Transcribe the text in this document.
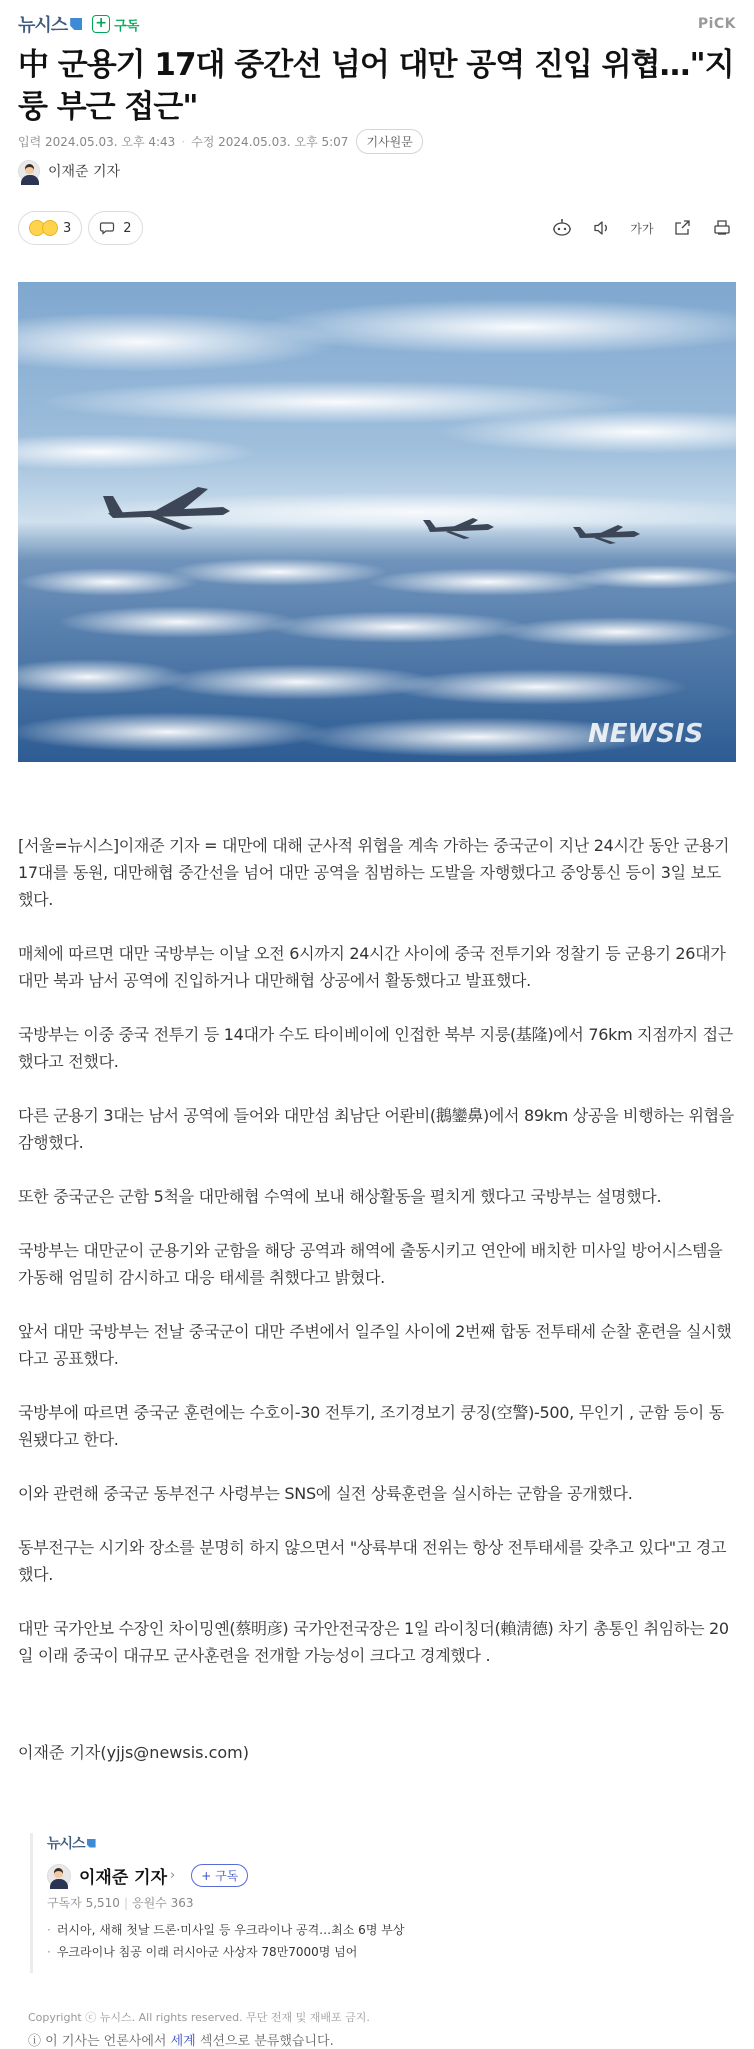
뉴시스 + 구독	PiCK
中 군용기 17대 중간선 넘어 대만 공역 진입 위협…"지룽 부근 접근"
입력
2024.05.03. 오후 4:43 · 수정
2024.05.03. 오후 5:07	기사원문
이재준 기자
3	2	가가
NEWSIS

[서울=뉴시스]이재준 기자 = 대만에 대해 군사적 위협을 계속 가하는 중국군이 지난 24시간 동안 군용기 17대를 동원, 대만해협 중간선을 넘어 대만 공역을 침범하는 도발을 자행했다고 중앙통신 등이 3일 보도했다.

매체에 따르면 대만 국방부는 이날 오전 6시까지 24시간 사이에 중국 전투기와 정찰기 등 군용기 26대가 대만 북과 남서 공역에 진입하거나 대만해협 상공에서 활동했다고 발표했다.

국방부는 이중 중국 전투기 등 14대가 수도 타이베이에 인접한 북부 지룽(基隆)에서 76km 지점까지 접근했다고 전했다.

다른 군용기 3대는 남서 공역에 들어와 대만섬 최남단 어롼비(鵝鑾鼻)에서 89km 상공을 비행하는 위협을 감행했다.

또한 중국군은 군함 5척을 대만해협 수역에 보내 해상활동을 펼치게 했다고 국방부는 설명했다.

국방부는 대만군이 군용기와 군함을 해당 공역과 해역에 출동시키고 연안에 배치한 미사일 방어시스템을 가동해 엄밀히 감시하고 대응 태세를 취했다고 밝혔다.

앞서 대만 국방부는 전날 중국군이 대만 주변에서 일주일 사이에 2번째 합동 전투태세 순찰 훈련을 실시했다고 공표했다.

국방부에 따르면 중국군 훈련에는 수호이-30 전투기, 조기경보기 쿵징(空警)-500, 무인기 , 군함 등이 동원됐다고 한다.

이와 관련해 중국군 동부전구 사령부는 SNS에 실전 상륙훈련을 실시하는 군함을 공개했다.

동부전구는 시기와 장소를 분명히 하지 않으면서 "상륙부대 전위는 항상 전투태세를 갖추고 있다"고 경고했다.

대만 국가안보 수장인 차이밍옌(蔡明彦) 국가안전국장은 1일 라이칭더(賴淸德) 차기 총통인 취임하는 20일 이래 중국이 대규모 군사훈련을 전개할 가능성이 크다고 경계했다 .

이재준 기자(yjjs@newsis.com)
뉴시스
이재준 기자 ›	+ 구독
구독자 5,510 | 응원수 363
· 러시아, 새해 첫날 드론·미사일 등 우크라이나 공격…최소 6명 부상
· 우크라이나 침공 이래 러시아군 사상자 78만7000명 넘어
Copyright ⓒ 뉴시스. All rights reserved. 무단 전재 및 재배포 금지.
ⓘ 이 기사는 언론사에서 세계 섹션으로 분류했습니다.
